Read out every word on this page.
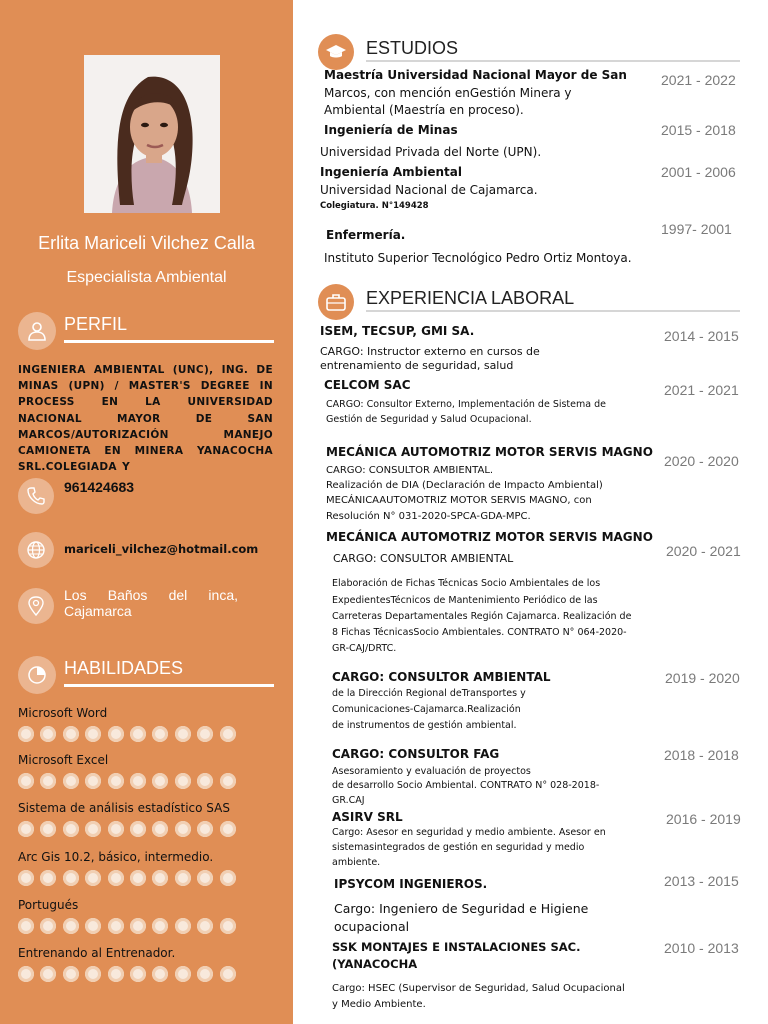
Erlita Mariceli Vilchez Calla
Especialista Ambiental
PERFIL
INGENIERA AMBIENTAL (UNC), ING. DE MINAS (UPN) / MASTER'S DEGREE IN PROCESS EN LA UNIVERSIDAD NACIONAL MAYOR DE SAN MARCOS/AUTORIZACIÓN MANEJO CAMIONETA EN MINERA YANACOCHA SRL.COLEGIADA Y
961424683
mariceli_vilchez@hotmail.com
Los Baños del inca,
Cajamarca
HABILIDADES
Microsoft Word
Microsoft Excel
Sistema de análisis estadístico SAS
Arc Gis 10.2, básico, intermedio.
Portugués
Entrenando al Entrenador.
ESTUDIOS
Maestría Universidad Nacional Mayor de San
Marcos, con mención enGestión Minera y
Ambiental (Maestría en proceso).
2021 - 2022
Ingeniería de Minas
Universidad Privada del Norte (UPN).
2015 - 2018
Ingeniería Ambiental
Universidad Nacional de Cajamarca.
Colegiatura. N°149428
2001 - 2006
Enfermería.
Instituto Superior Tecnológico Pedro Ortiz Montoya.
1997- 2001
EXPERIENCIA LABORAL
ISEM, TECSUP, GMI SA.
CARGO: Instructor externo en cursos de
entrenamiento de seguridad, salud
2014 - 2015
CELCOM SAC
CARGO: Consultor Externo, Implementación de Sistema de
Gestión de Seguridad y Salud Ocupacional.
2021 - 2021
MECÁNICA AUTOMOTRIZ MOTOR SERVIS MAGNO
CARGO: CONSULTOR AMBIENTAL.
Realización de DIA (Declaración de Impacto Ambiental)
MECÁNICAAUTOMOTRIZ MOTOR SERVIS MAGNO, con
Resolución N° 031-2020-SPCA-GDA-MPC.
2020 - 2020
MECÁNICA AUTOMOTRIZ MOTOR SERVIS MAGNO
CARGO: CONSULTOR AMBIENTAL
Elaboración de Fichas Técnicas Socio Ambientales de los
ExpedientesTécnicos de Mantenimiento Periódico de las
Carreteras Departamentales Región Cajamarca. Realización de
8 Fichas TécnicasSocio Ambientales. CONTRATO N° 064-2020-
GR-CAJ/DRTC.
2020 - 2021
CARGO: CONSULTOR AMBIENTAL
de la Dirección Regional deTransportes y
Comunicaciones-Cajamarca.Realización
de instrumentos de gestión ambiental.
2019 - 2020
CARGO: CONSULTOR FAG
Asesoramiento y evaluación de proyectos
de desarrollo Socio Ambiental. CONTRATO N° 028-2018-
GR.CAJ
2018 - 2018
ASIRV SRL
Cargo: Asesor en seguridad y medio ambiente. Asesor en
sistemasintegrados de gestión en seguridad y medio
ambiente.
2016 - 2019
IPSYCOM INGENIEROS.
Cargo: Ingeniero de Seguridad e Higiene
ocupacional
2013 - 2015
SSK MONTAJES E INSTALACIONES SAC.
(YANACOCHA
Cargo: HSEC (Supervisor de Seguridad, Salud Ocupacional
y Medio Ambiente.
2010 - 2013
